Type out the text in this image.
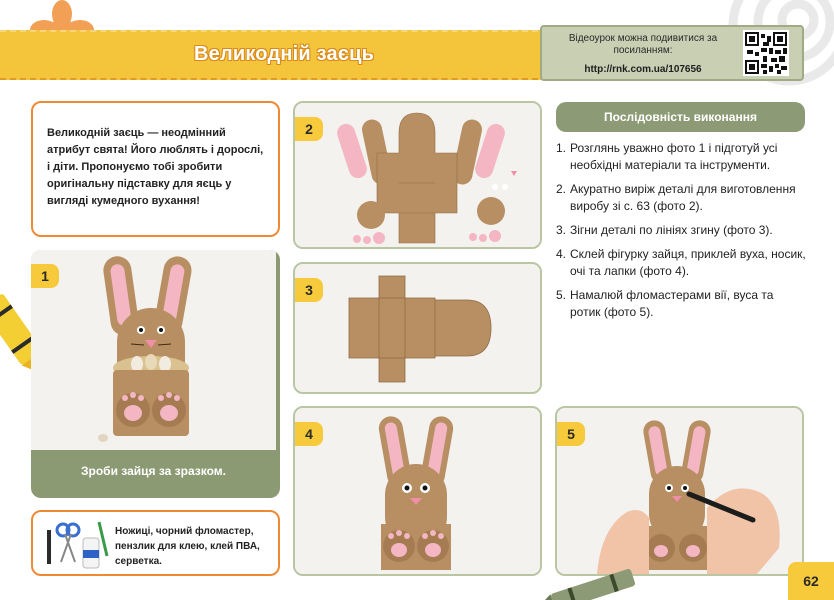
Великодній заєць
Відеоурок можна подивитися за посиланням:
http://rnk.com.ua/107656
Великодній заєць — неодмінний атрибут свята! Його люблять і дорослі, і діти. Пропонуємо тобі зробити оригінальну підставку для яєць у вигляді кумедного вухання!
1
Зроби зайця за зразком.
Ножиці, чорний фломастер, пензлик для клею, клей ПВА, серветка.
2
3
4	5
Послідовність виконання
1. Розглянь уважно фото 1 і підготуй усі необхідні матеріали та інструменти.
2. Акуратно виріж деталі для виготовлення виробу зі с. 63 (фото 2).
3. Зігни деталі по лініях згину (фото 3).
4. Склей фігурку зайця, приклей вуха, носик, очі та лапки (фото 4).
5. Намалюй фломастерами вії, вуса та ротик (фото 5).
62
